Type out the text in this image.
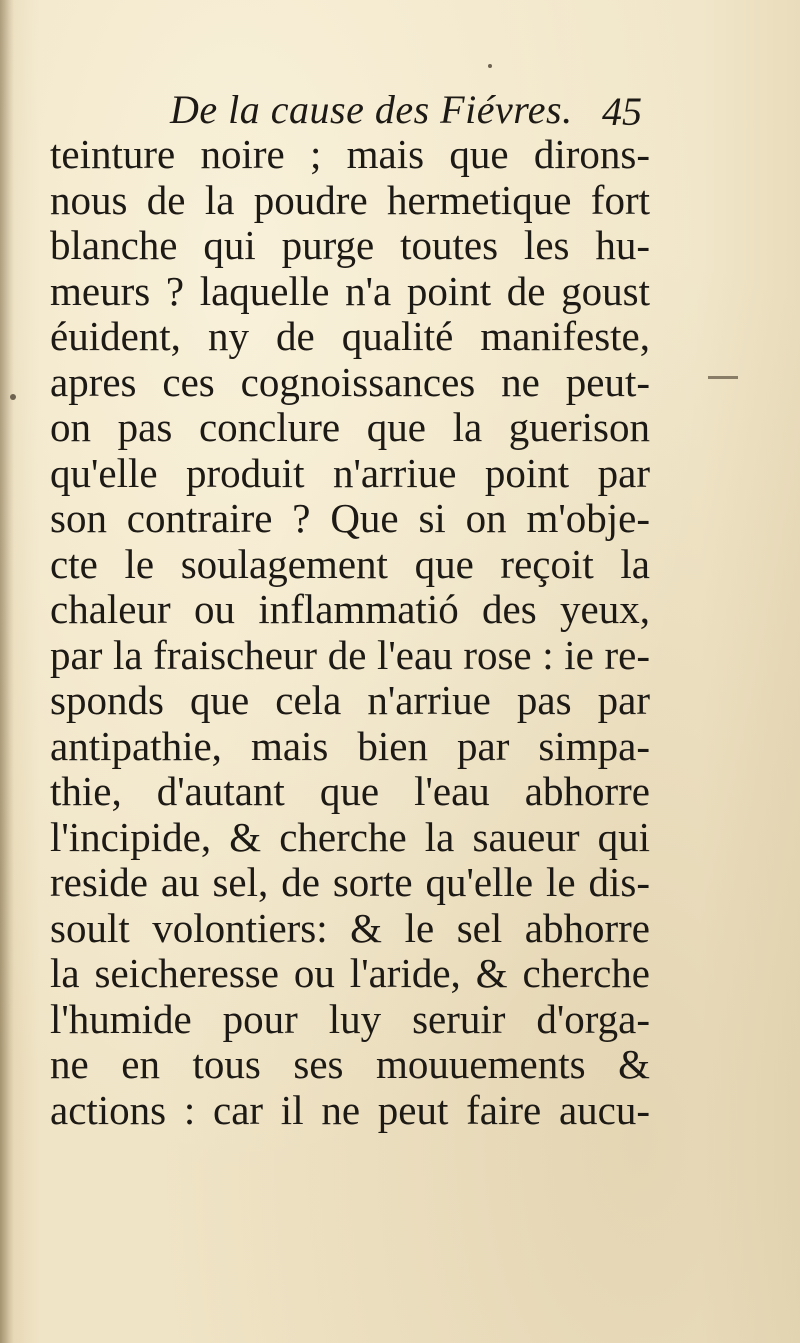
De la cause des Fiévres. 45
teinture noire ; mais que dirons-
nous de la poudre hermetique fort
blanche qui purge toutes les hu-
meurs ? laquelle n'a point de goust
éuident, ny de qualité manifeste,
apres ces cognoissances ne peut-
on pas conclure que la guerison
qu'elle produit n'arriue point par
son contraire ? Que si on m'obje-
cte le soulagement que reçoit la
chaleur ou inflammatió des yeux,
par la fraischeur de l'eau rose : ie re-
sponds que cela n'arriue pas par
antipathie, mais bien par simpa-
thie, d'autant que l'eau abhorre
l'incipide, & cherche la saueur qui
reside au sel, de sorte qu'elle le dis-
soult volontiers: & le sel abhorre
la seicheresse ou l'aride, & cherche
l'humide pour luy seruir d'orga-
ne en tous ses mouuements &
actions : car il ne peut faire aucu-
